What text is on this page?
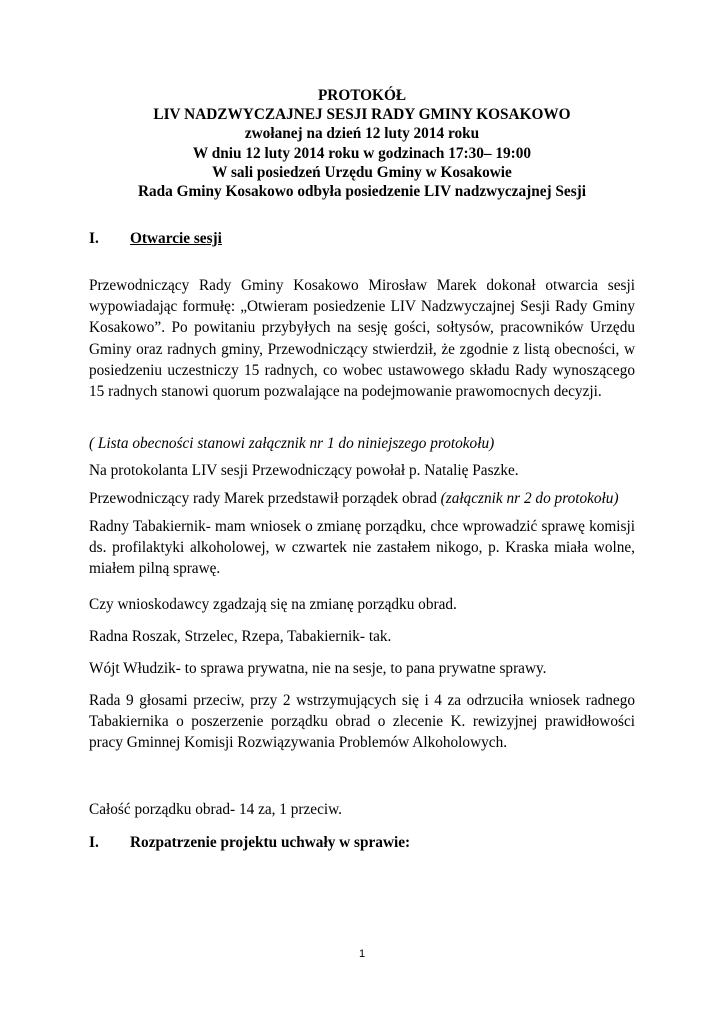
PROTOKÓŁ
LIV NADZWYCZAJNEJ SESJI RADY GMINY KOSAKOWO
zwołanej na dzień 12 luty 2014 roku
W dniu 12 luty 2014 roku w godzinach 17:30– 19:00
W sali posiedzeń Urzędu Gminy w Kosakowie
Rada Gminy Kosakowo odbyła posiedzenie LIV nadzwyczajnej Sesji
I. Otwarcie sesji
Przewodniczący Rady Gminy Kosakowo Mirosław Marek dokonał otwarcia sesji wypowiadając formułę: „Otwieram posiedzenie LIV Nadzwyczajnej Sesji Rady Gminy Kosakowo”. Po powitaniu przybyłych na sesję gości, sołtysów, pracowników Urzędu Gminy oraz radnych gminy, Przewodniczący stwierdził, że zgodnie z listą obecności, w posiedzeniu uczestniczy 15 radnych, co wobec ustawowego składu Rady wynoszącego 15 radnych stanowi quorum pozwalające na podejmowanie prawomocnych decyzji.
( Lista obecności stanowi załącznik nr 1 do niniejszego protokołu)
Na protokolanta LIV sesji Przewodniczący powołał p. Natalię Paszke.
Przewodniczący rady Marek przedstawił porządek obrad (załącznik nr 2 do protokołu)
Radny Tabakiernik- mam wniosek o zmianę porządku, chce wprowadzić sprawę komisji ds. profilaktyki alkoholowej, w czwartek nie zastałem nikogo, p. Kraska miała wolne, miałem pilną sprawę.
Czy wnioskodawcy zgadzają się na zmianę porządku obrad.
Radna Roszak, Strzelec, Rzepa, Tabakiernik- tak.
Wójt Włudzik- to sprawa prywatna, nie na sesje, to pana prywatne sprawy.
Rada 9 głosami przeciw, przy 2 wstrzymujących się i 4 za odrzuciła wniosek radnego Tabakiernika o poszerzenie porządku obrad o zlecenie K. rewizyjnej prawidłowości pracy Gminnej Komisji Rozwiązywania Problemów Alkoholowych.
Całość porządku obrad- 14 za, 1 przeciw.
I. Rozpatrzenie projektu uchwały w sprawie:
1
